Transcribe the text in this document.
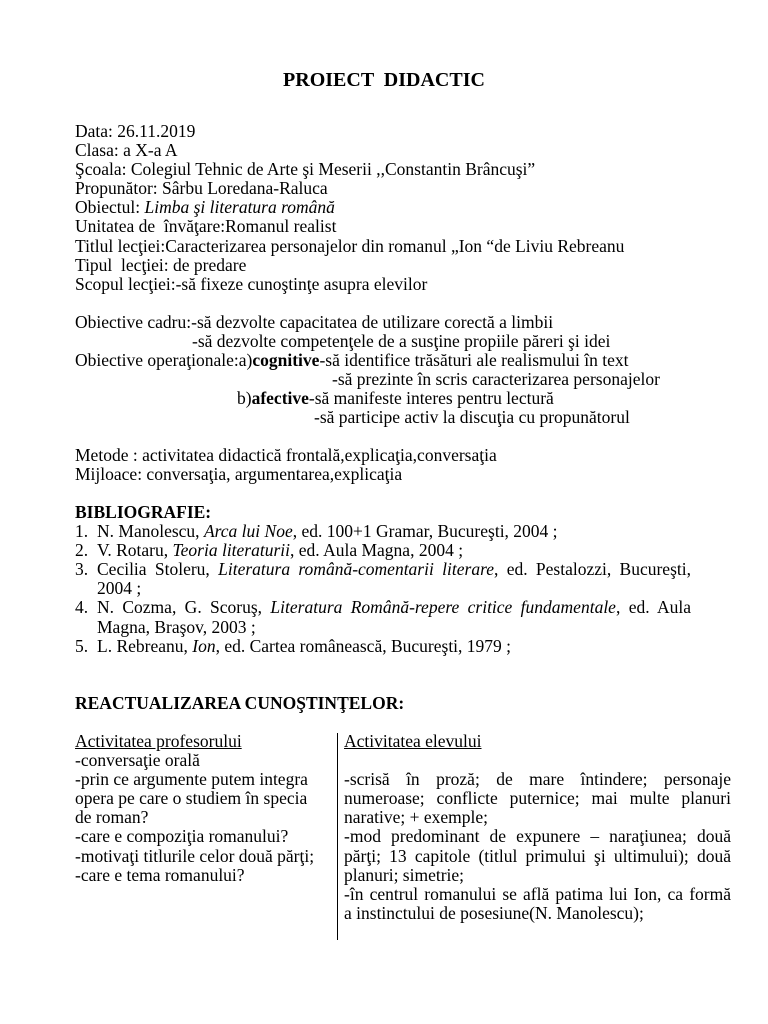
PROIECT  DIDACTIC
Data: 26.11.2019
Clasa: a X-a A
Şcoala: Colegiul Tehnic de Arte şi Meserii ,,Constantin Brâncuşi”
Propunător: Sârbu Loredana-Raluca
Obiectul: Limba şi literatura română
Unitatea de  învăţare:Romanul realist
Titlul lecţiei:Caracterizarea personajelor din romanul „Ion “de Liviu Rebreanu
Tipul  lecţiei: de predare
Scopul lecţiei:-să fixeze cunoştinţe asupra elevilor
Obiective cadru:-să dezvolte capacitatea de utilizare corectă a limbii
-să dezvolte competenţele de a susţine propiile păreri şi idei
Obiective operaţionale:a)cognitive-să identifice trăsături ale realismului în text
-să prezinte în scris caracterizarea personajelor
b)afective-să manifeste interes pentru lectură
-să participe activ la discuţia cu propunătorul
Metode : activitatea didactică frontală,explicaţia,conversaţia
Mijloace: conversaţia, argumentarea,explicaţia
BIBLIOGRAFIE:
1. N. Manolescu, Arca lui Noe, ed. 100+1 Gramar, Bucureşti, 2004 ;
2. V. Rotaru, Teoria literaturii, ed. Aula Magna, 2004 ;
3. Cecilia Stoleru, Literatura română-comentarii literare, ed. Pestalozzi, Bucureşti,
2004 ;
4. N. Cozma, G. Scoruş, Literatura Română-repere critice fundamentale, ed. Aula
Magna, Braşov, 2003 ;
5. L. Rebreanu, Ion, ed. Cartea românească, Bucureşti, 1979 ;
REACTUALIZAREA CUNOŞTINŢELOR:
Activitatea profesorului
-conversaţie orală
-prin ce argumente putem integra
opera pe care o studiem în specia
de roman?
-care e compoziţia romanului?
-motivaţi titlurile celor două părţi;
-care e tema romanului?
Activitatea elevului
-scrisă în proză; de mare întindere; personaje
numeroase; conflicte puternice; mai multe planuri
narative; + exemple;
-mod predominant de expunere – naraţiunea; două
părţi; 13 capitole (titlul primului şi ultimului); două
planuri; simetrie;
-în centrul romanului se află patima lui Ion, ca formă
a instinctului de posesiune(N. Manolescu);
